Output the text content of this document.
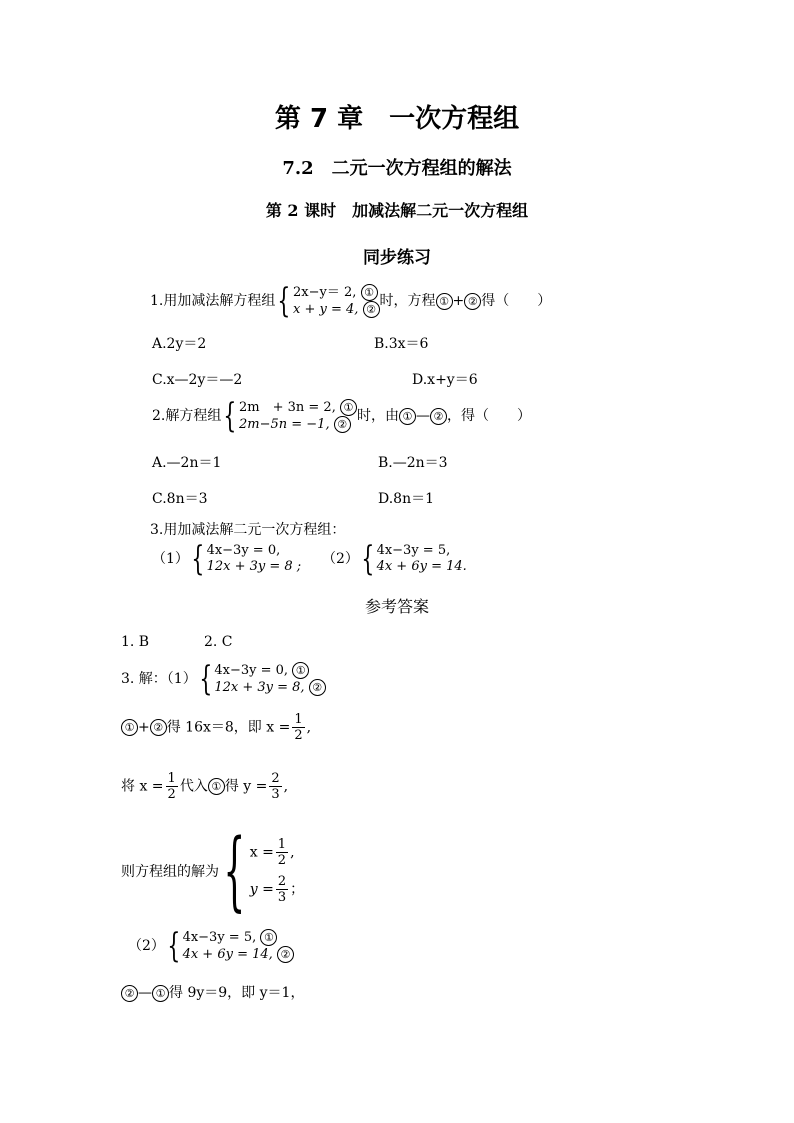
第 7 章　一次方程组
7.2　二元一次方程组的解法
第 2 课时　加减法解二元一次方程组
同步练习
1.用加减法解方程组 { 2x−y＝ 2, ①
x + y = 4, ②
时，方程 ① + ② 得（　　）
A.2y＝2	B.3x＝6
C.x—2y＝—2	D.x+y＝6
2.解方程组 { 2m　+ 3n = 2, ①
2m−5n = −1, ②
时，由 ① — ② ，得（　　）
A.—2n＝1	B.—2n＝3
C.8n＝3	D.8n＝1
3.用加减法解二元一次方程组：
（1） { 4x−3y = 0,
12x + 3y = 8 ; （2） { 4x−3y = 5,
4x + 6y = 14.
参考答案
1. B	2. C
3. 解：（1） { 4x−3y = 0, ①
12x + 3y = 8, ②
① + ② 得 16x＝8，即 $x = \frac{1}{2}$ ,
将 $x = \frac{1}{2}$ 代入 ① 得 $y = \frac{2}{3}$ ,
则方程组的解为 { $x = \frac{1}{2}$ ,
$y = \frac{2}{3}$ ；
（2） { 4x−3y = 5, ①
4x + 6y = 14, ②
② — ① 得 9y＝9，即 y＝1，
